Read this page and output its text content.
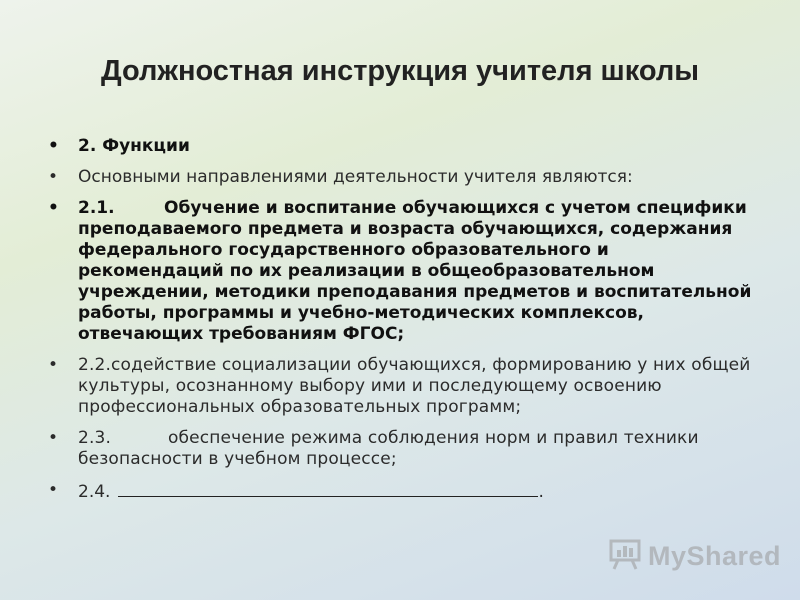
Должностная инструкция учителя школы
• 2. Функции
• Основными направлениями деятельности учителя являются:
• 2.1.	Обучение и воспитание обучающихся с учетом специфики преподаваемого предмета и возраста обучающихся, содержания федерального государственного образовательного и рекомендаций по их реализации в общеобразовательном учреждении, методики преподавания предметов и воспитательной работы, программы и учебно-методических комплексов, отвечающих требованиям ФГОС;
• 2.2.содействие социализации обучающихся, формированию у них общей культуры, осознанному выбору ими и последующему освоению профессиональных образовательных программ;
• 2.3.	обеспечение режима соблюдения норм и правил техники безопасности в учебном процессе;
• 2.4.	.
MyShared
